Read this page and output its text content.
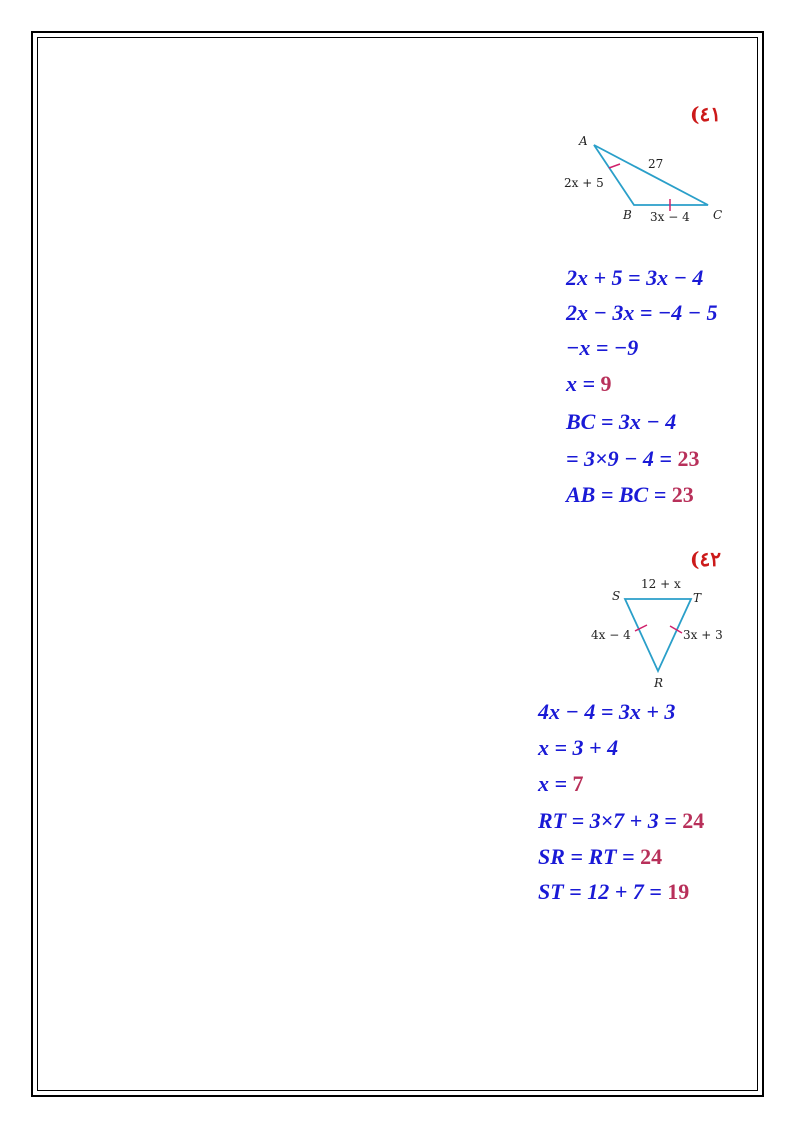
(٤١
A
B	C
2x + 5
27
3x − 4
2x + 5 = 3x − 4
2x − 3x = −4 − 5
−x = −9
x = 9
BC = 3x − 4
= 3×9 − 4 = 23
AB = BC = 23
(٤٢
S	T
R
12 + x
4x − 4	3x + 3
4x − 4 = 3x + 3
x = 3 + 4
x = 7
RT = 3×7 + 3 = 24
SR = RT = 24
ST = 12 + 7 = 19
